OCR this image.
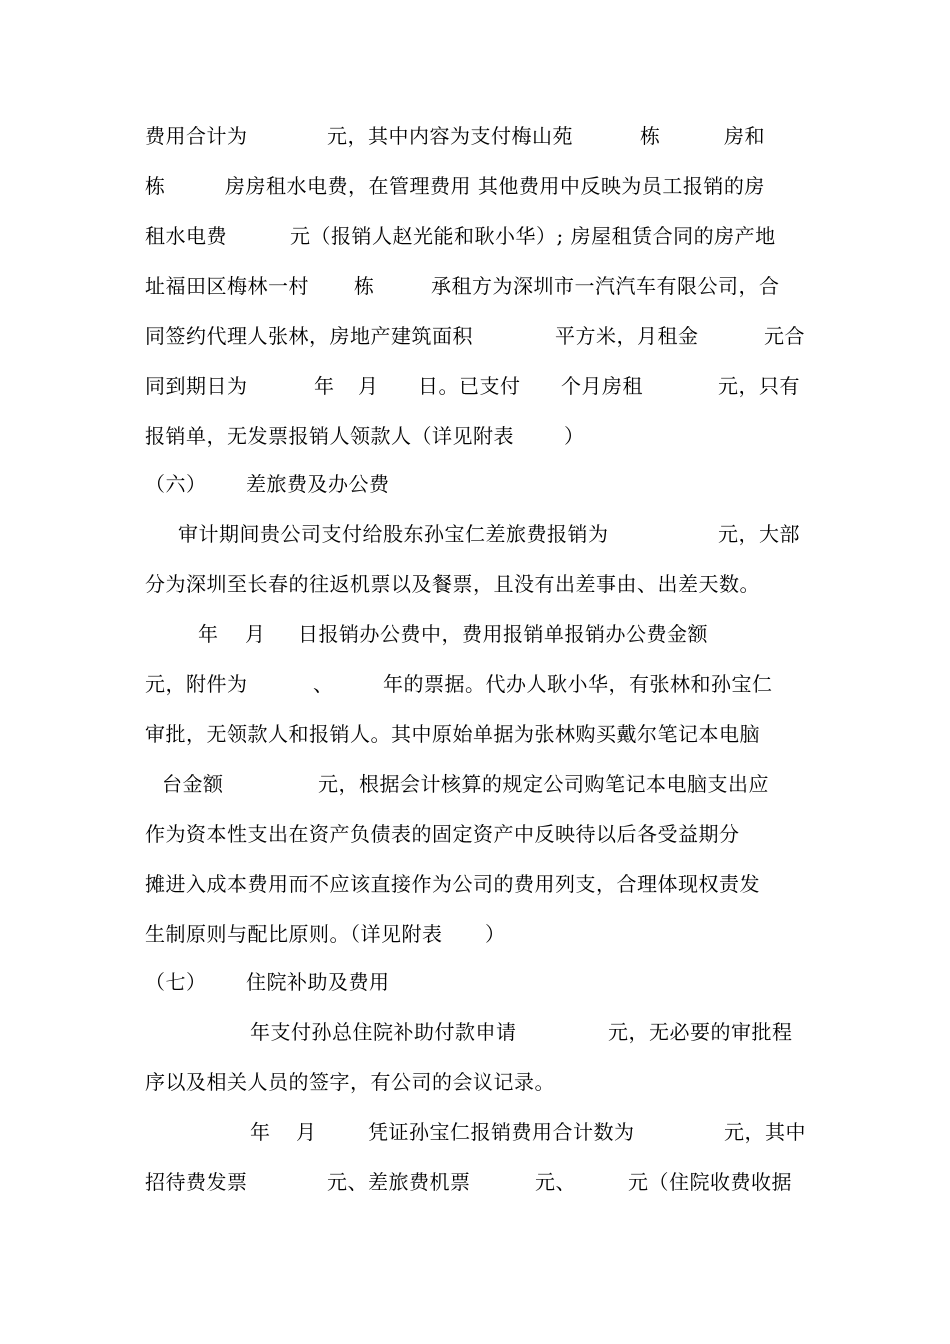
费用合计为

	元，其中内容为支付梅山苑

	栋

	房和

栋

	房房租水电费，在管理费用 其他费用中反映为员工报销的房

租水电费

	元（报销人赵光能和耿小华）; 房屋租赁合同的房产地

址福田区梅林一村

栋

	承租方为深圳市一汽汽车有限公司，合

同签约代理人张林，房地产建筑面积

	平方米，月租金

	元合

同到期日为

	年

月

日。已支付

个月房租

	元，只有

报销单，无发票报销人领款人（详见附表

	）

（六）

差旅费及办公费

审计期间贵公司支付给股东孙宝仁差旅费报销为

	元，大部

分为深圳至长春的往返机票以及餐票，且没有出差事由、出差天数。

年

月

日报销办公费中，费用报销单报销办公费金额

元，附件为

	、

年的票据。代办人耿小华，有张林和孙宝仁

审批，无领款人和报销人。其中原始单据为张林购买戴尔笔记本电脑

台金额

	元，根据会计核算的规定公司购笔记本电脑支出应

作为资本性支出在资产负债表的固定资产中反映待以后各受益期分

摊进入成本费用而不应该直接作为公司的费用列支，合理体现权责发

生制原则与配比原则。（详见附表

）

（七）

住院补助及费用

年支付孙总住院补助付款申请

	元，无必要的审批程

序以及相关人员的签字，有公司的会议记录。

年

月

	凭证孙宝仁报销费用合计数为

	元，其中

招待费发票

	元、差旅费机票

	元、

	元（住院收费收据
